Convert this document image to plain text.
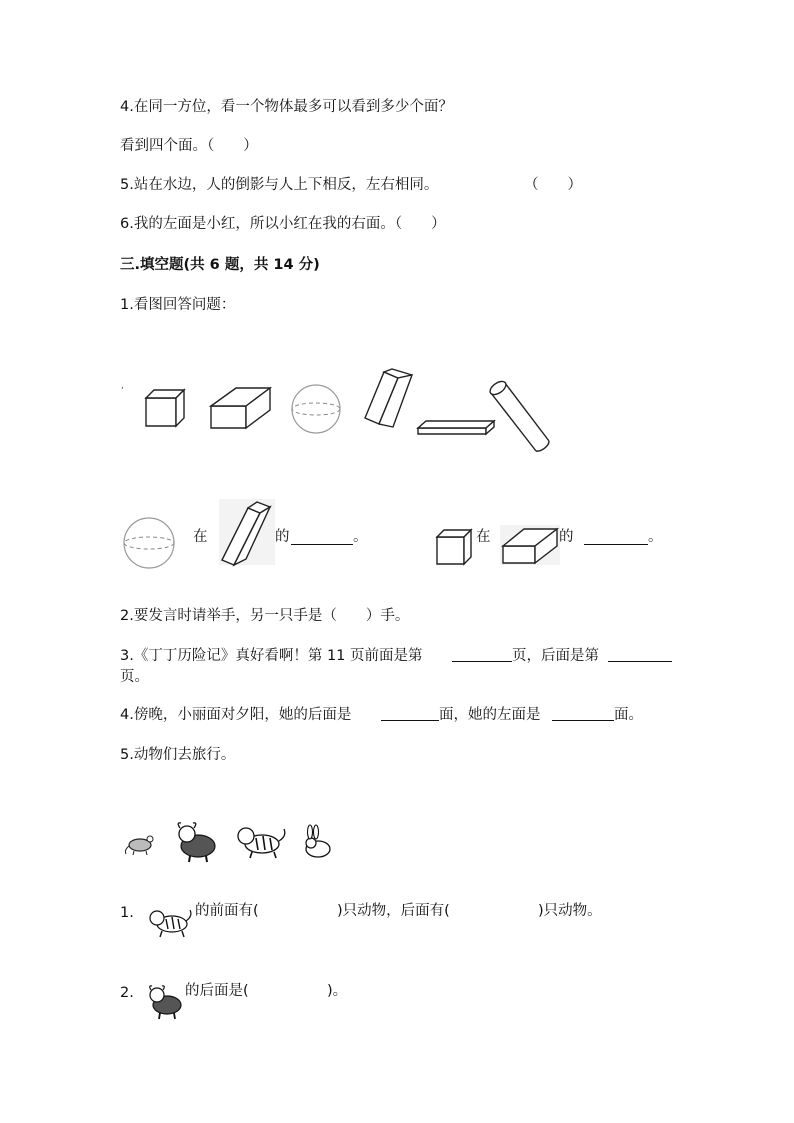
4.在同一方位，看一个物体最多可以看到多少个面？
看到四个面。（　　）
5.站在水边，人的倒影与人上下相反，左右相同。	（　　）
6.我的左面是小红，所以小红在我的右面。（　　）
三.填空题(共 6 题，共 14 分)
1.看图回答问题：
,
在	的	。	在	的	。
2.要发言时请举手，另一只手是（　　）手。
3.《丁丁历险记》真好看啊！第 11 页前面是第	页，后面是第
页。
4.傍晚，小丽面对夕阳，她的后面是	面，她的左面是	面。
5.动物们去旅行。
1.	的前面有(	)只动物，后面有(	)只动物。
2.	的后面是(	)。
